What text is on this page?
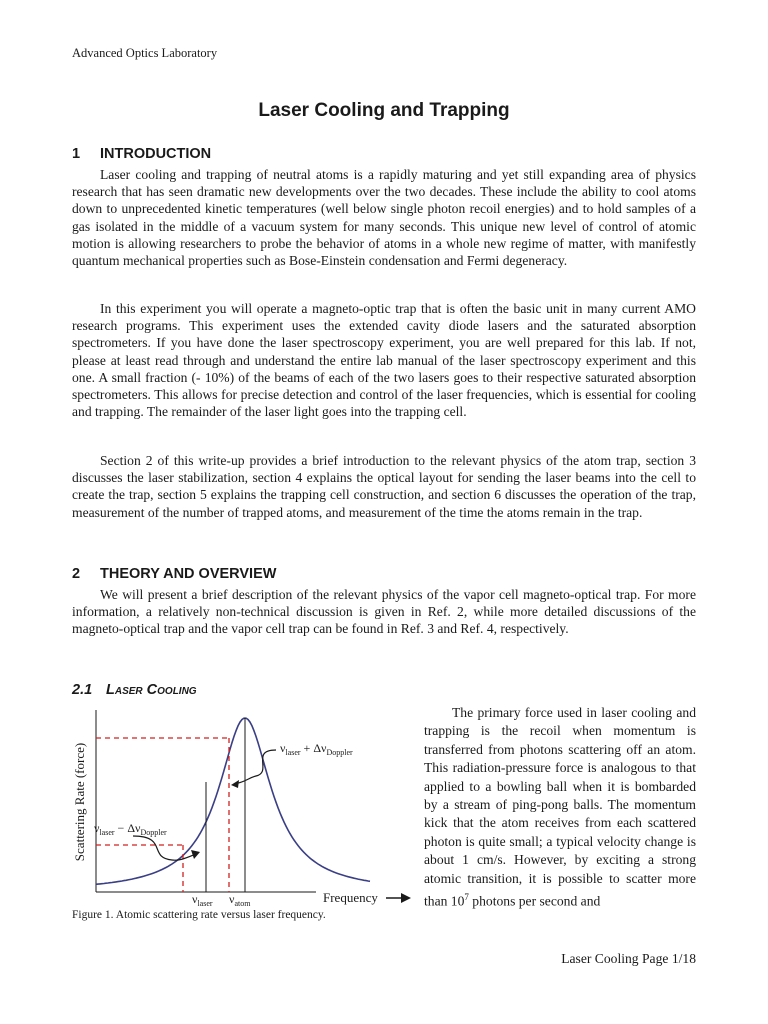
Advanced Optics Laboratory
Laser Cooling and Trapping
1 INTRODUCTION

Laser cooling and trapping of neutral atoms is a rapidly maturing and yet still expanding area of physics research that has seen dramatic new developments over the two decades. These include the ability to cool atoms down to unprecedented kinetic temperatures (well below single photon recoil energies) and to hold samples of a gas isolated in the middle of a vacuum system for many seconds. This unique new level of control of atomic motion is allowing researchers to probe the behavior of atoms in a whole new regime of matter, with manifestly quantum mechanical properties such as Bose-Einstein condensation and Fermi degeneracy.

In this experiment you will operate a magneto-optic trap that is often the basic unit in many current AMO research programs. This experiment uses the extended cavity diode lasers and the saturated absorption spectrometers. If you have done the laser spectroscopy experiment, you are well prepared for this lab. If not, please at least read through and understand the entire lab manual of the laser spectroscopy experiment and this one. A small fraction (- 10%) of the beams of each of the two lasers goes to their respective saturated absorption spectrometers. This allows for precise detection and control of the laser frequencies, which is essential for cooling and trapping. The remainder of the laser light goes into the trapping cell.

Section 2 of this write-up provides a brief introduction to the relevant physics of the atom trap, section 3 discusses the laser stabilization, section 4 explains the optical layout for sending the laser beams into the cell to create the trap, section 5 explains the trapping cell construction, and section 6 discusses the operation of the trap, measurement of the number of trapped atoms, and measurement of the time the atoms remain in the trap.

2 THEORY AND OVERVIEW

We will present a brief description of the relevant physics of the vapor cell magneto-optical trap. For more information, a relatively non-technical discussion is given in Ref. 2, while more detailed discussions of the magneto-optical trap and the vapor cell trap can be found in Ref. 3 and Ref. 4, respectively.

2.1 Laser Cooling

The primary force used in laser cooling and trapping is the recoil when momentum is transferred from photons scattering off an atom. This radiation-pressure force is analogous to that applied to a bowling ball when it is bombarded by a stream of ping-pong balls. The momentum kick that the atom receives from each scattered photon is quite small; a typical velocity change is about 1 cm/s. However, by exciting a strong atomic transition, it is possible to scatter more than $10^7$ photons per second and

Scattering Rate (force)	$\nu_{laser} + \Delta\nu_{Doppler}$
$\nu_{laser} - \Delta\nu_{Doppler}$
$\nu_{laser}$ $\nu_{atom}$	Frequency
Figure 1. Atomic scattering rate versus laser frequency.
Laser Cooling Page 1/18
